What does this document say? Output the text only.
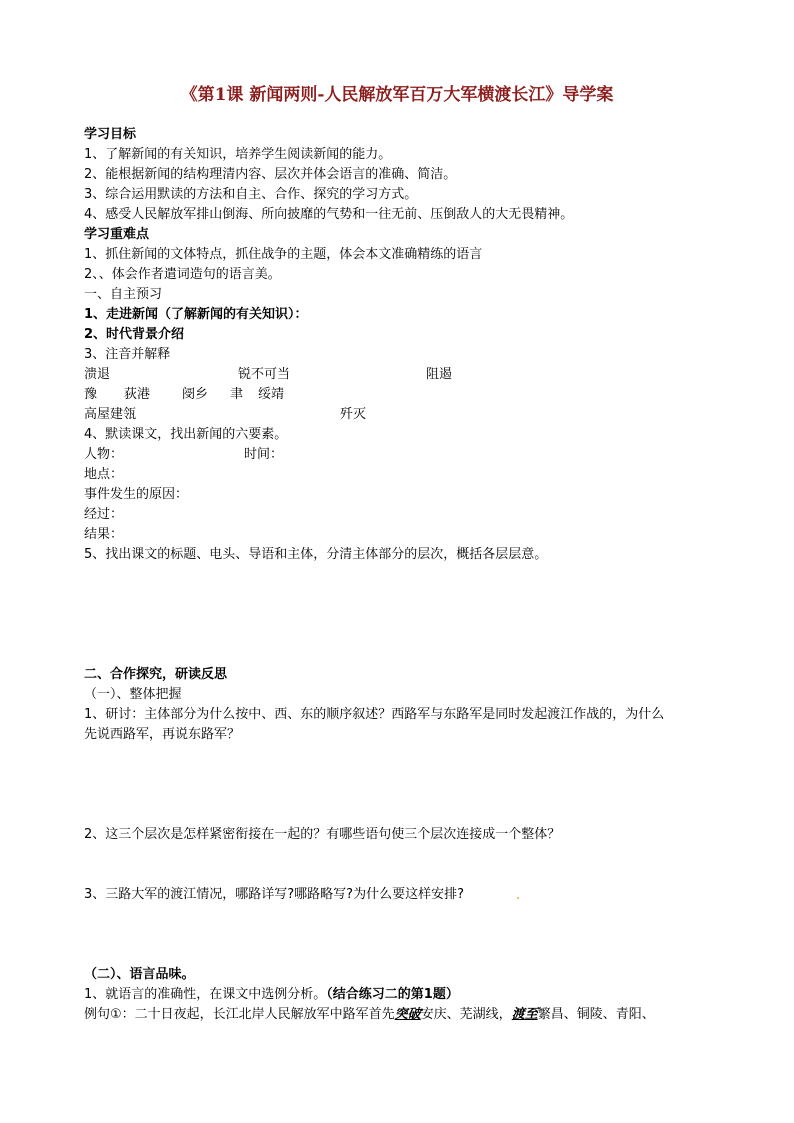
《第1课 新闻两则-人民解放军百万大军横渡长江》导学案
学习目标
1、了解新闻的有关知识，培养学生阅读新闻的能力。
2、能根据新闻的结构理清内容、层次并体会语言的准确、简洁。
3、综合运用默读的方法和自主、合作、探究的学习方式。
4、感受人民解放军排山倒海、所向披靡的气势和一往无前、压倒敌人的大无畏精神。
学习重难点
1、抓住新闻的文体特点，抓住战争的主题，体会本文准确精练的语言
2、、体会作者遣词造句的语言美。
一、自主预习
1、走进新闻（了解新闻的有关知识）：
2、时代背景介绍
3、注音并解释
溃退	锐不可当	阻遏
豫 荻港 阌乡 聿 绥靖
高屋建瓴	歼灭
4、默读课文，找出新闻的六要素。
人物：	时间：
地点：
事件发生的原因：
经过：
结果：
5、找出课文的标题、电头、导语和主体，分清主体部分的层次，概括各层层意。
二、合作探究，研读反思
（一）、整体把握
1、研讨：主体部分为什么按中、西、东的顺序叙述？西路军与东路军是同时发起渡江作战的，为什么
先说西路军，再说东路军？
2、这三个层次是怎样紧密衔接在一起的？有哪些语句使三个层次连接成一个整体？
3、三路大军的渡江情况，哪路详写?哪路略写?为什么要这样安排?	.
（二）、语言品味。
1、就语言的准确性，在课文中选例分析。（结合练习二的第1题）
例句①：二十日夜起，长江北岸人民解放军中路军首先突破安庆、芜湖线，渡至繁昌、铜陵、青阳、
